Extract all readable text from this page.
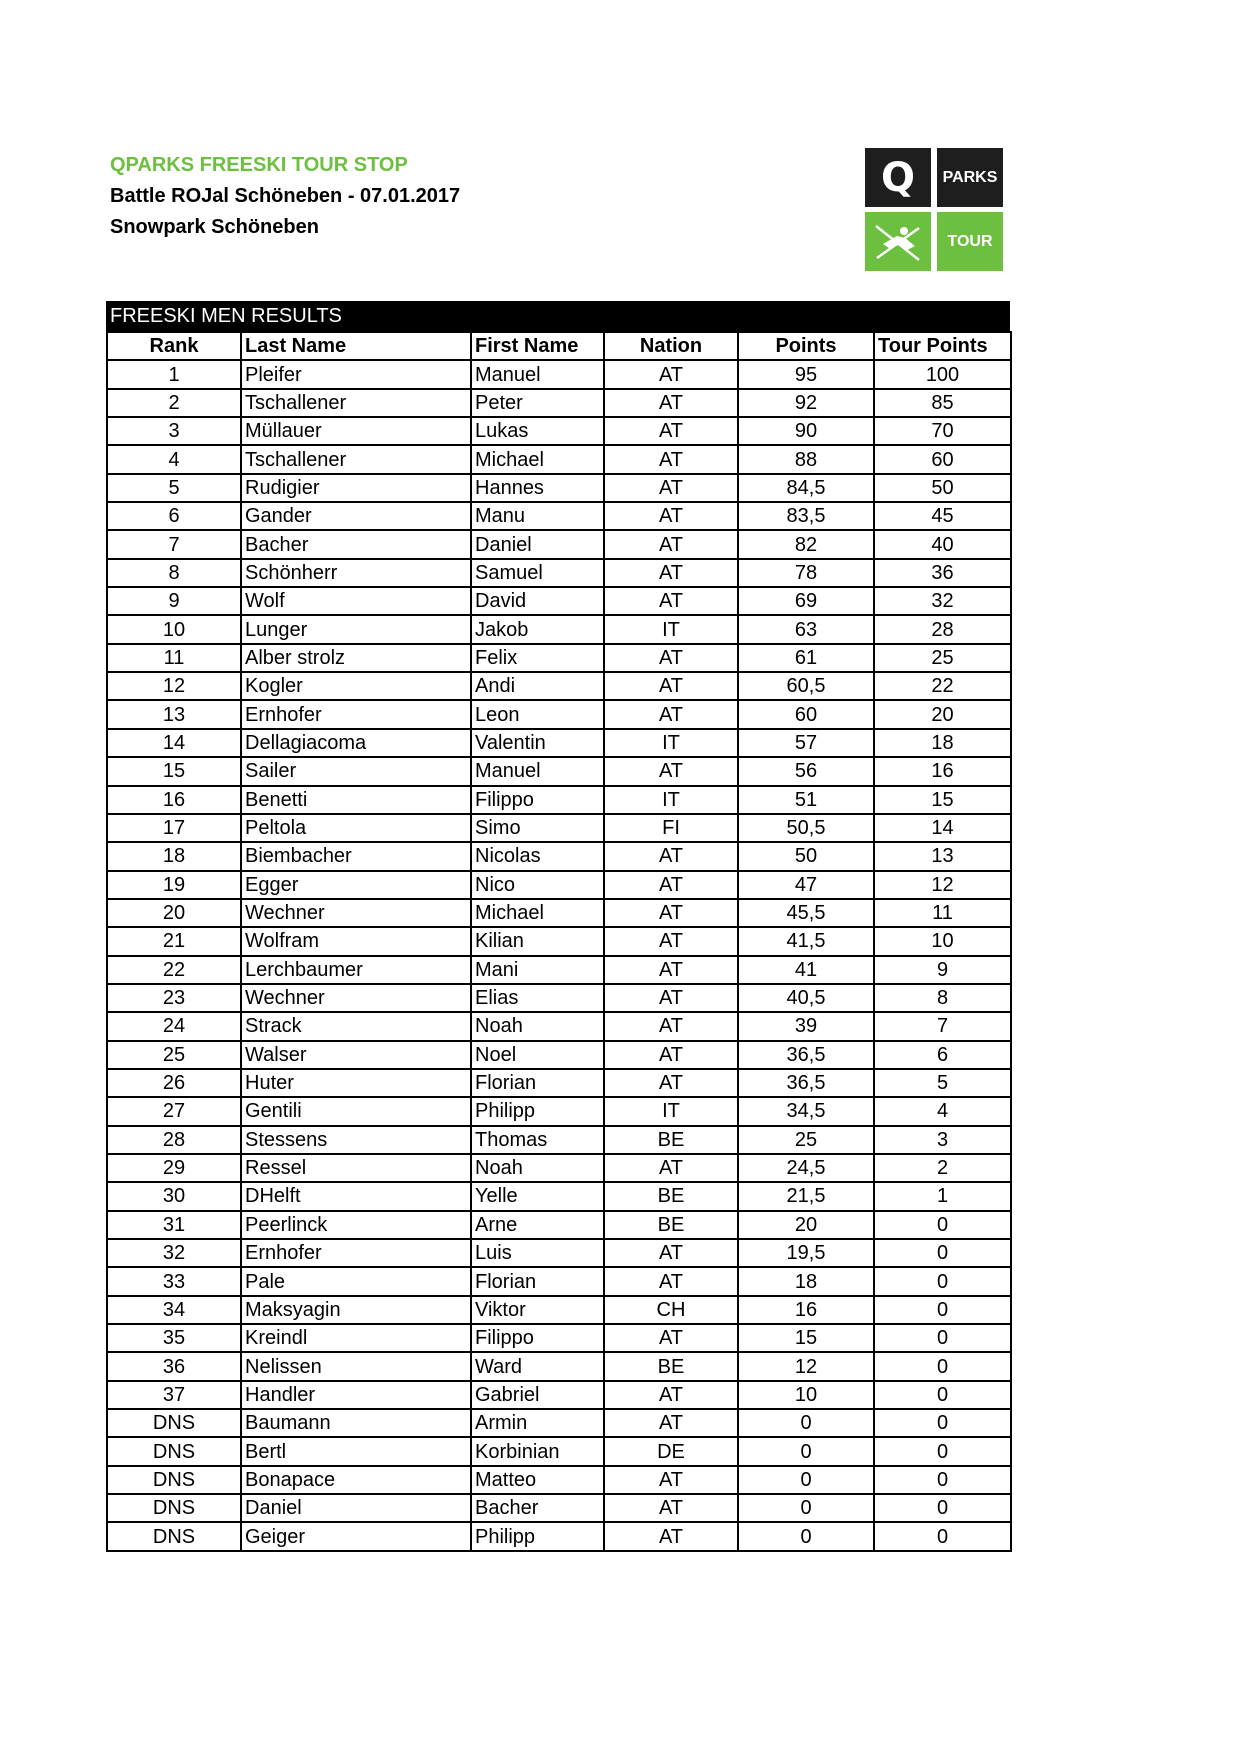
QPARKS FREESKI TOUR STOP
Battle ROJal Schöneben - 07.01.2017
Snowpark Schöneben
Q	PARKS
TOUR
FREESKI MEN RESULTS
Rank	Last Name	First Name	Nation	Points	Tour Points
1	Pleifer	Manuel	AT	95	100
2	Tschallener	Peter	AT	92	85
3	Müllauer	Lukas	AT	90	70
4	Tschallener	Michael	AT	88	60
5	Rudigier	Hannes	AT	84,5	50
6	Gander	Manu	AT	83,5	45
7	Bacher	Daniel	AT	82	40
8	Schönherr	Samuel	AT	78	36
9	Wolf	David	AT	69	32
10	Lunger	Jakob	IT	63	28
11	Alber strolz	Felix	AT	61	25
12	Kogler	Andi	AT	60,5	22
13	Ernhofer	Leon	AT	60	20
14	Dellagiacoma	Valentin	IT	57	18
15	Sailer	Manuel	AT	56	16
16	Benetti	Filippo	IT	51	15
17	Peltola	Simo	FI	50,5	14
18	Biembacher	Nicolas	AT	50	13
19	Egger	Nico	AT	47	12
20	Wechner	Michael	AT	45,5	11
21	Wolfram	Kilian	AT	41,5	10
22	Lerchbaumer	Mani	AT	41	9
23	Wechner	Elias	AT	40,5	8
24	Strack	Noah	AT	39	7
25	Walser	Noel	AT	36,5	6
26	Huter	Florian	AT	36,5	5
27	Gentili	Philipp	IT	34,5	4
28	Stessens	Thomas	BE	25	3
29	Ressel	Noah	AT	24,5	2
30	DHelft	Yelle	BE	21,5	1
31	Peerlinck	Arne	BE	20	0
32	Ernhofer	Luis	AT	19,5	0
33	Pale	Florian	AT	18	0
34	Maksyagin	Viktor	CH	16	0
35	Kreindl	Filippo	AT	15	0
36	Nelissen	Ward	BE	12	0
37	Handler	Gabriel	AT	10	0
DNS	Baumann	Armin	AT	0	0
DNS	Bertl	Korbinian	DE	0	0
DNS	Bonapace	Matteo	AT	0	0
DNS	Daniel	Bacher	AT	0	0
DNS	Geiger	Philipp	AT	0	0
